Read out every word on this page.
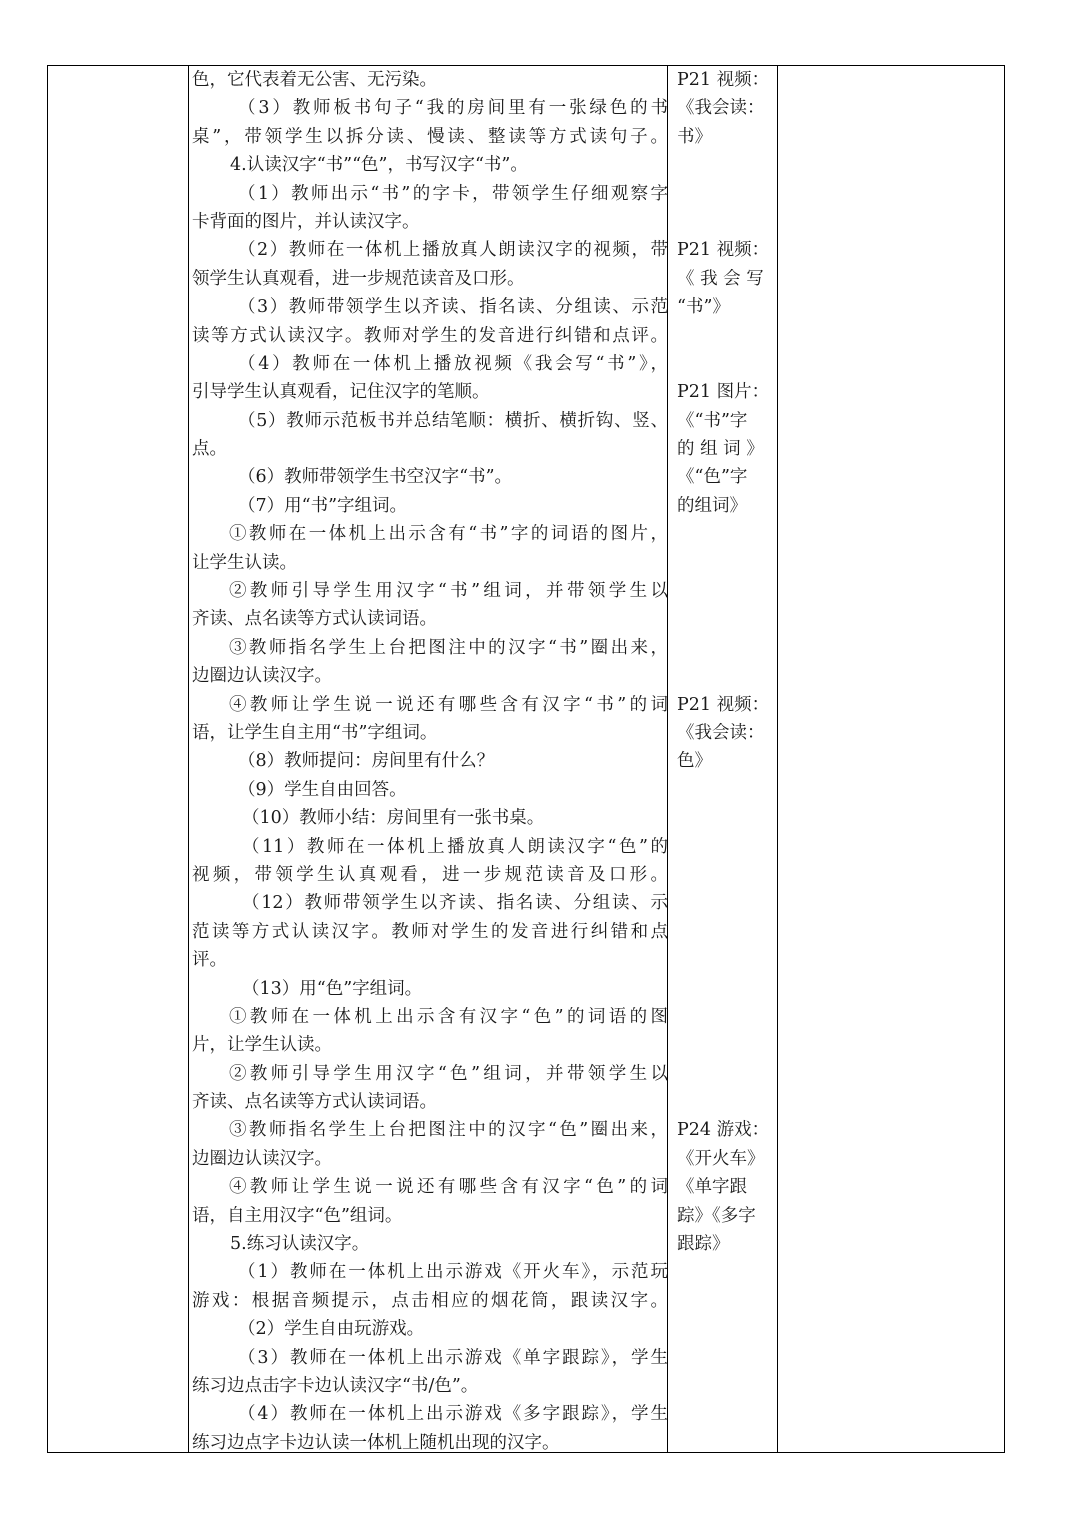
色，它代表着无公害、无污染。
（3）教师板书句子“我的房间里有一张绿色的书
桌”，带领学生以拆分读、慢读、整读等方式读句子。
4.认读汉字“书”“色”，书写汉字“书”。
（1）教师出示“书”的字卡，带领学生仔细观察字
卡背面的图片，并认读汉字。
（2）教师在一体机上播放真人朗读汉字的视频，带
领学生认真观看，进一步规范读音及口形。
（3）教师带领学生以齐读、指名读、分组读、示范
读等方式认读汉字。教师对学生的发音进行纠错和点评。
（4）教师在一体机上播放视频《我会写“书”》，
引导学生认真观看，记住汉字的笔顺。
（5）教师示范板书并总结笔顺：横折、横折钩、竖、
点。
（6）教师带领学生书空汉字“书”。
（7）用“书”字组词。
①教师在一体机上出示含有“书”字的词语的图片，
让学生认读。
②教师引导学生用汉字“书”组词，并带领学生以
齐读、点名读等方式认读词语。
③教师指名学生上台把图注中的汉字“书”圈出来，
边圈边认读汉字。
④教师让学生说一说还有哪些含有汉字“书”的词
语，让学生自主用“书”字组词。
（8）教师提问：房间里有什么？
（9）学生自由回答。
（10）教师小结：房间里有一张书桌。
（11）教师在一体机上播放真人朗读汉字“色”的
视频，带领学生认真观看，进一步规范读音及口形。
（12）教师带领学生以齐读、指名读、分组读、示
范读等方式认读汉字。教师对学生的发音进行纠错和点
评。
（13）用“色”字组词。
①教师在一体机上出示含有汉字“色”的词语的图
片，让学生认读。
②教师引导学生用汉字“色”组词，并带领学生以
齐读、点名读等方式认读词语。
③教师指名学生上台把图注中的汉字“色”圈出来，
边圈边认读汉字。
④教师让学生说一说还有哪些含有汉字“色”的词
语，自主用汉字“色”组词。
5.练习认读汉字。
（1）教师在一体机上出示游戏《开火车》，示范玩
游戏：根据音频提示，点击相应的烟花筒，跟读汉字。
（2）学生自由玩游戏。
（3）教师在一体机上出示游戏《单字跟踪》，学生
练习边点击字卡边认读汉字“书/色”。
（4）教师在一体机上出示游戏《多字跟踪》，学生
练习边点字卡边认读一体机上随机出现的汉字。
P21 视频：
《我会读：
书》
P21 视频：
《 我 会 写
“书”》
P21 图片：
《“书”字
的 组 词 》
《“色”字
的组词》
P21 视频：
《我会读：
色》
P24 游戏：
《开火车》
《单字跟
踪》《多字
跟踪》
